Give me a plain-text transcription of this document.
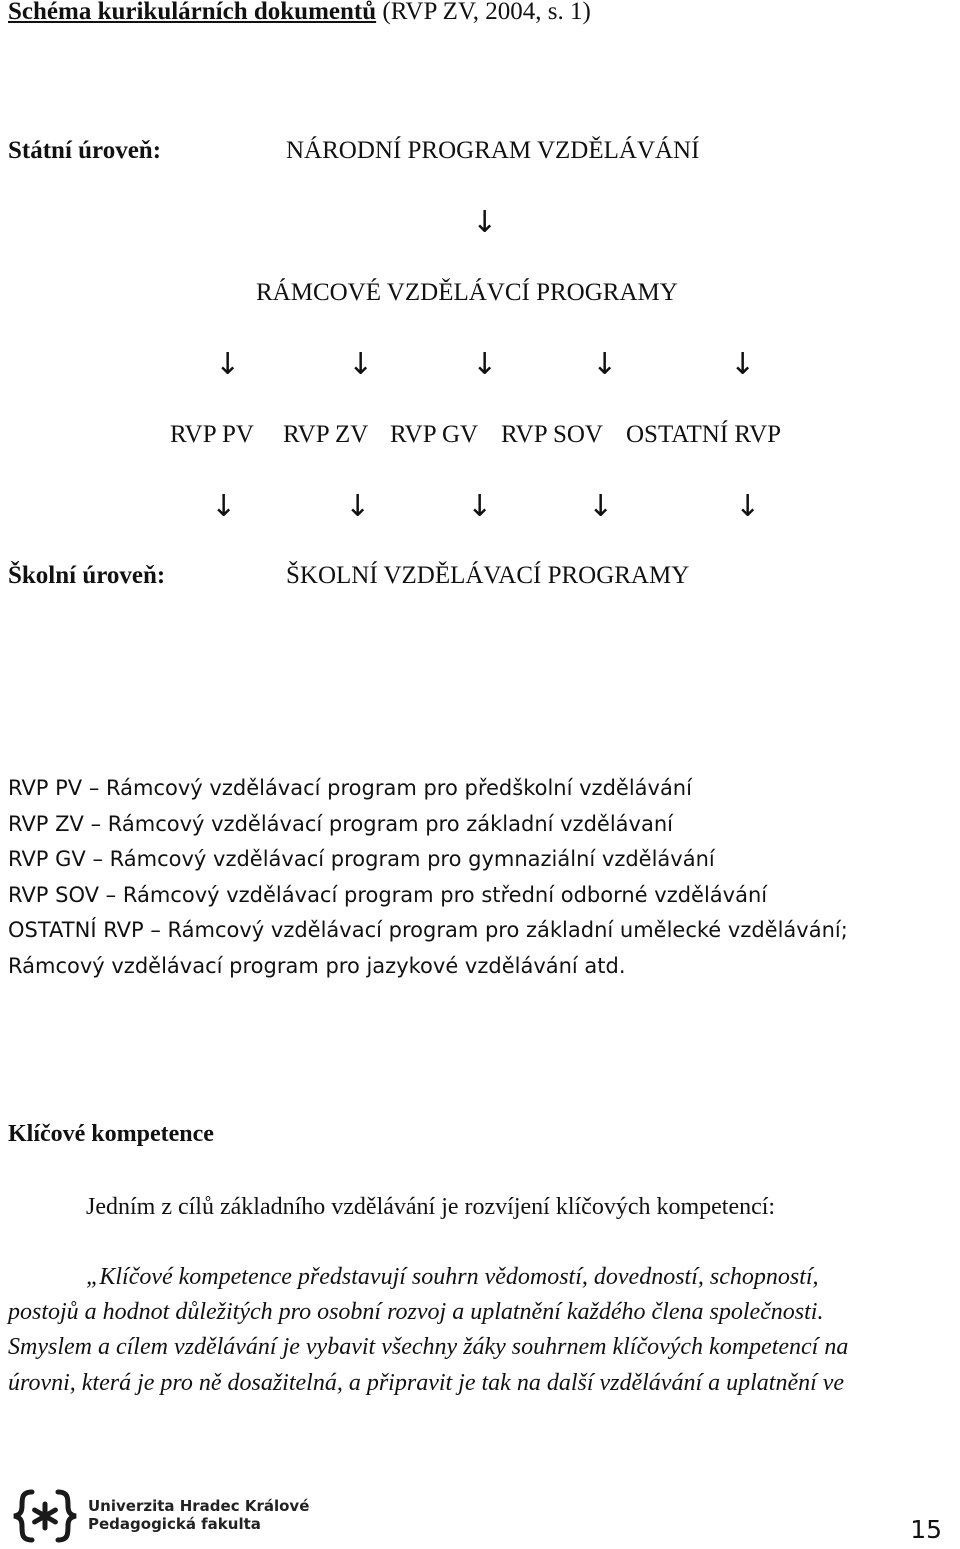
Schéma kurikulárních dokumentů (RVP ZV, 2004, s. 1)
Státní úroveň:	NÁRODNÍ PROGRAM VZDĚLÁVÁNÍ
↓
RÁMCOVÉ VZDĚLÁVCÍ PROGRAMY
↓	↓	↓	↓	↓
RVP PV RVP ZV RVP GV RVP SOV OSTATNÍ RVP
↓	↓	↓	↓	↓
Školní úroveň:	ŠKOLNÍ VZDĚLÁVACÍ PROGRAMY
RVP PV – Rámcový vzdělávací program pro předškolní vzdělávání
RVP ZV – Rámcový vzdělávací program pro základní vzdělávaní
RVP GV – Rámcový vzdělávací program pro gymnaziální vzdělávání
RVP SOV – Rámcový vzdělávací program pro střední odborné vzdělávání
OSTATNÍ RVP – Rámcový vzdělávací program pro základní umělecké vzdělávání;
Rámcový vzdělávací program pro jazykové vzdělávání atd.
Klíčové kompetence
Jedním z cílů základního vzdělávání je rozvíjení klíčových kompetencí:
„Klíčové kompetence představují souhrn vědomostí, dovedností, schopností,
postojů a hodnot důležitých pro osobní rozvoj a uplatnění každého člena společnosti.
Smyslem a cílem vzdělávání je vybavit všechny žáky souhrnem klíčových kompetencí na
úrovni, která je pro ně dosažitelná, a připravit je tak na další vzdělávání a uplatnění ve
Univerzita Hradec Králové
Pedagogická fakulta	15
